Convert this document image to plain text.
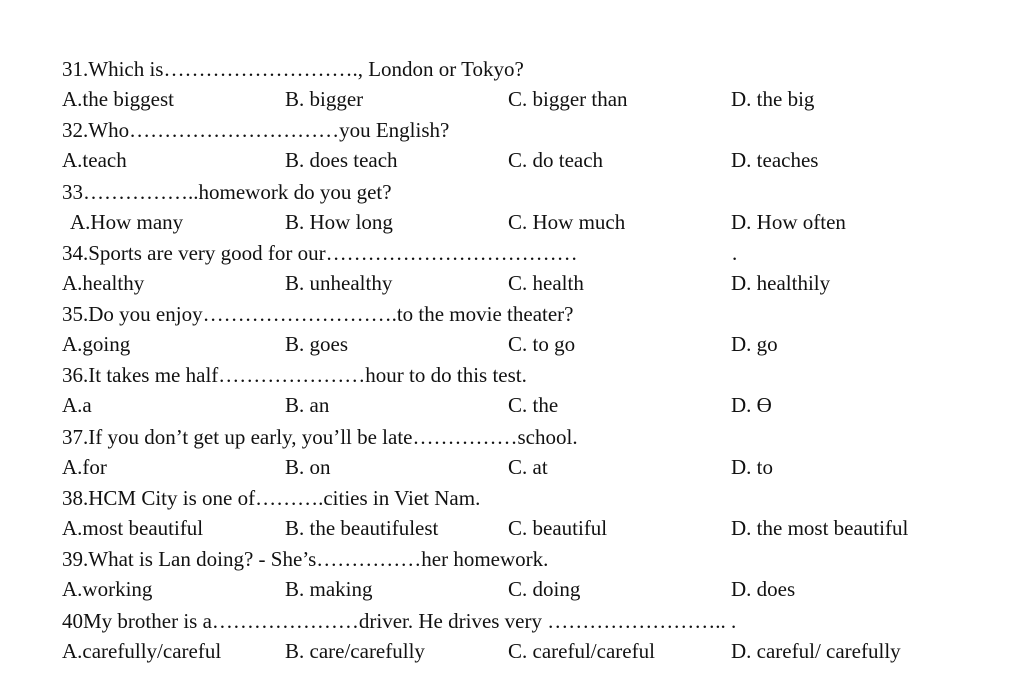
31.Which is………………………., London or Tokyo?
A.the biggest	B. bigger	C. bigger than	D. the big
32.Who…………………………you English?
A.teach	B. does teach	C. do teach	D. teaches
33……………..homework do you get?
A.How many	B. How long	C. How much	D. How often
34.Sports are very good for our………………………………	.
A.healthy	B. unhealthy	C. health	D. healthily
35.Do you enjoy……………………….to the movie theater?
A.going	B. goes	C. to go	D. go
36.It takes me half…………………hour to do this test.
A.a	B. an	C. the	D. ϴ
37.If you don’t get up early, you’ll be late……………school.
A.for	B. on	C. at	D. to
38.HCM City is one of……….cities in Viet Nam.
A.most beautiful	B. the beautifulest	C. beautiful	D. the most beautiful
39.What is Lan doing? - She’s……………her homework.
A.working	B. making	C. doing	D. does
40My brother is a…………………driver. He drives very …………………….. .
A.carefully/careful	B. care/carefully	C. careful/careful	D. careful/ carefully
